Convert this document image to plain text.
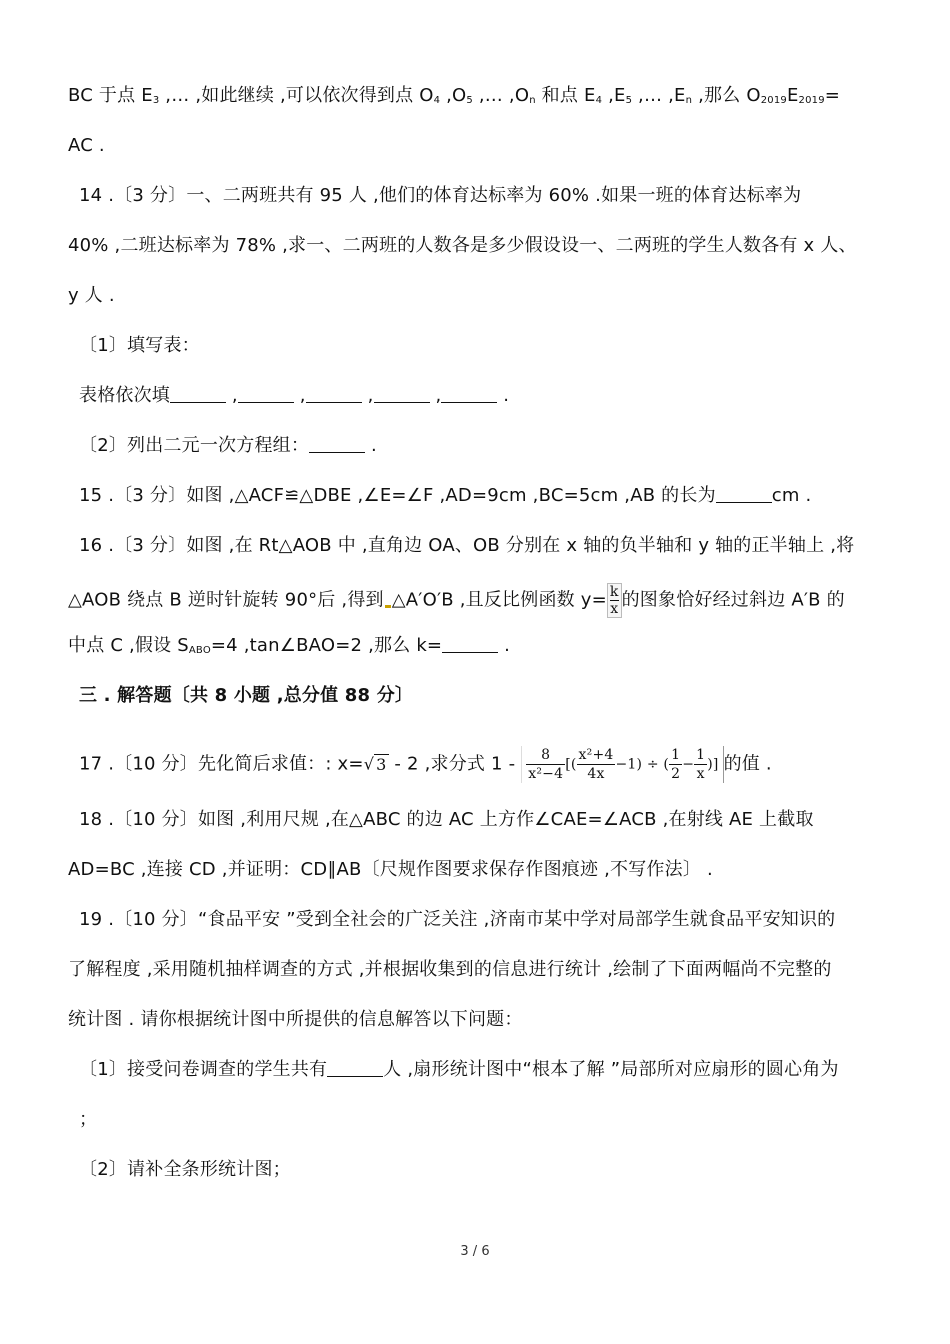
BC 于点 $E_3$ ,… ,如此继续 ,可以依次得到点 $O_4$ $,O_5$ ,… $,O_n$ 和点 $E_4$ $,E_5$ ,… $,E_n$ ,那么 $O_{2019}E_{2019}=$
AC .
14 .〔3 分〕一、二两班共有 95 人 ,他们的体育达标率为 60% .如果一班的体育达标率为
40% ,二班达标率为 78% ,求一、二两班的人数各是多少假设设一、二两班的学生人数各有 x 人、
y 人 .
〔1〕填写表：
表格依次填	,	,	,	,	.
〔2〕列出二元一次方程组：	.
15 .〔3 分〕如图 ,△ACF≌△DBE ,∠E=∠F ,AD=9cm ,BC=5cm ,AB 的长为	cm .
16 .〔3 分〕如图 ,在 Rt△AOB 中 ,直角边 OA、OB 分别在 x 轴的负半轴和 y 轴的正半轴上 ,将
△AOB 绕点 B 逆时针旋转 90°后 ,得到 △A′O′B ,且反比例函数 $y= \frac{k}{x}$ 的图象恰好经过斜边 A′B 的
中点 C ,假设 $S_{ABO}=4$ ,tan∠BAO=2 ,那么 k=	.
三 . 解答题〔共 8 小题 ,总分值 88 分〕
17 .〔10 分〕先化简后求值：: x=√ 3 - 2 ,求分式 $1 - \frac{8}{\text{x²−4}}$ [( $\frac{\text{x²+4}}{4x} -1$) ÷ ( $\frac{1}{2} - \frac{1}{x}$ )] 的值 .
18 .〔10 分〕如图 ,利用尺规 ,在△ABC 的边 AC 上方作∠CAE=∠ACB ,在射线 AE 上截取
AD=BC ,连接 CD ,并证明：CD∥AB〔尺规作图要求保存作图痕迹 ,不写作法〕 .
19 .〔10 分〕“食品平安 ”受到全社会的广泛关注 ,济南市某中学对局部学生就食品平安知识的
了解程度 ,采用随机抽样调查的方式 ,并根据收集到的信息进行统计 ,绘制了下面两幅尚不完整的
统计图 . 请你根据统计图中所提供的信息解答以下问题：
〔1〕接受问卷调查的学生共有	人 ,扇形统计图中“根本了解 ”局部所对应扇形的圆心角为
；
〔2〕请补全条形统计图；
3 / 6
